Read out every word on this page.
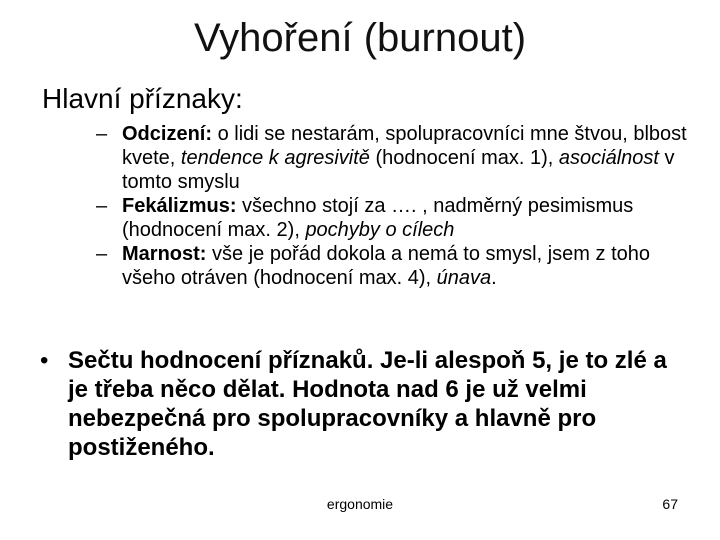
Vyhoření (burnout)
Hlavní příznaky:
– Odcizení: o lidi se nestarám, spolupracovníci mne štvou, blbost kvete, tendence k agresivitě (hodnocení max. 1), asociálnost v tomto smyslu
– Fekálizmus: všechno stojí za …. , nadměrný pesimismus (hodnocení max. 2), pochyby o cílech
– Marnost: vše je pořád dokola a nemá to smysl, jsem z toho všeho otráven (hodnocení max. 4), únava.
• Sečtu hodnocení příznaků. Je-li alespoň 5, je to zlé a je třeba něco dělat. Hodnota nad 6 je už velmi nebezpečná pro spolupracovníky a hlavně pro postiženého.
ergonomie	67
